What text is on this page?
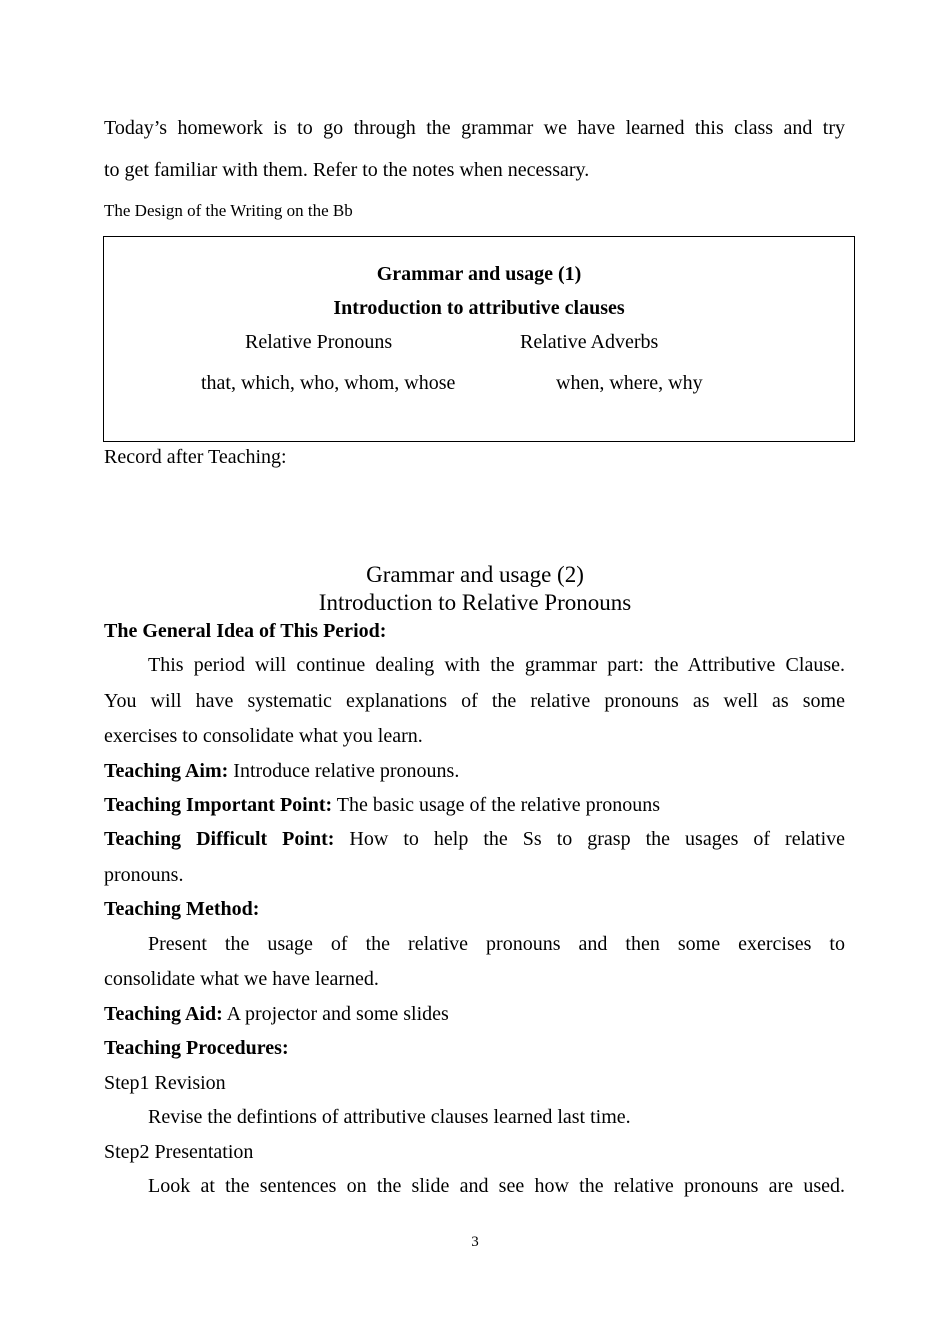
Today’s homework is to go through the grammar we have learned this class and try

to get familiar with them. Refer to the notes when necessary.

The Design of the Writing on the Bb

Grammar and usage (1)
Introduction to attributive clauses
Relative Pronouns	Relative Adverbs
that, which, who, whom, whose	when, where, why

Record after Teaching:

Grammar and usage (2)
Introduction to Relative Pronouns

The General Idea of This Period:

This period will continue dealing with the grammar part: the Attributive Clause.

You will have systematic explanations of the relative pronouns as well as some

exercises to consolidate what you learn.

Teaching Aim: Introduce relative pronouns.

Teaching Important Point: The basic usage of the relative pronouns

Teaching Difficult Point: How to help the Ss to grasp the usages of relative

pronouns.

Teaching Method:

Present the usage of the relative pronouns and then some exercises to

consolidate what we have learned.

Teaching Aid: A projector and some slides

Teaching Procedures:

Step1 Revision

Revise the defintions of attributive clauses learned last time.

Step2 Presentation

Look at the sentences on the slide and see how the relative pronouns are used.

3
